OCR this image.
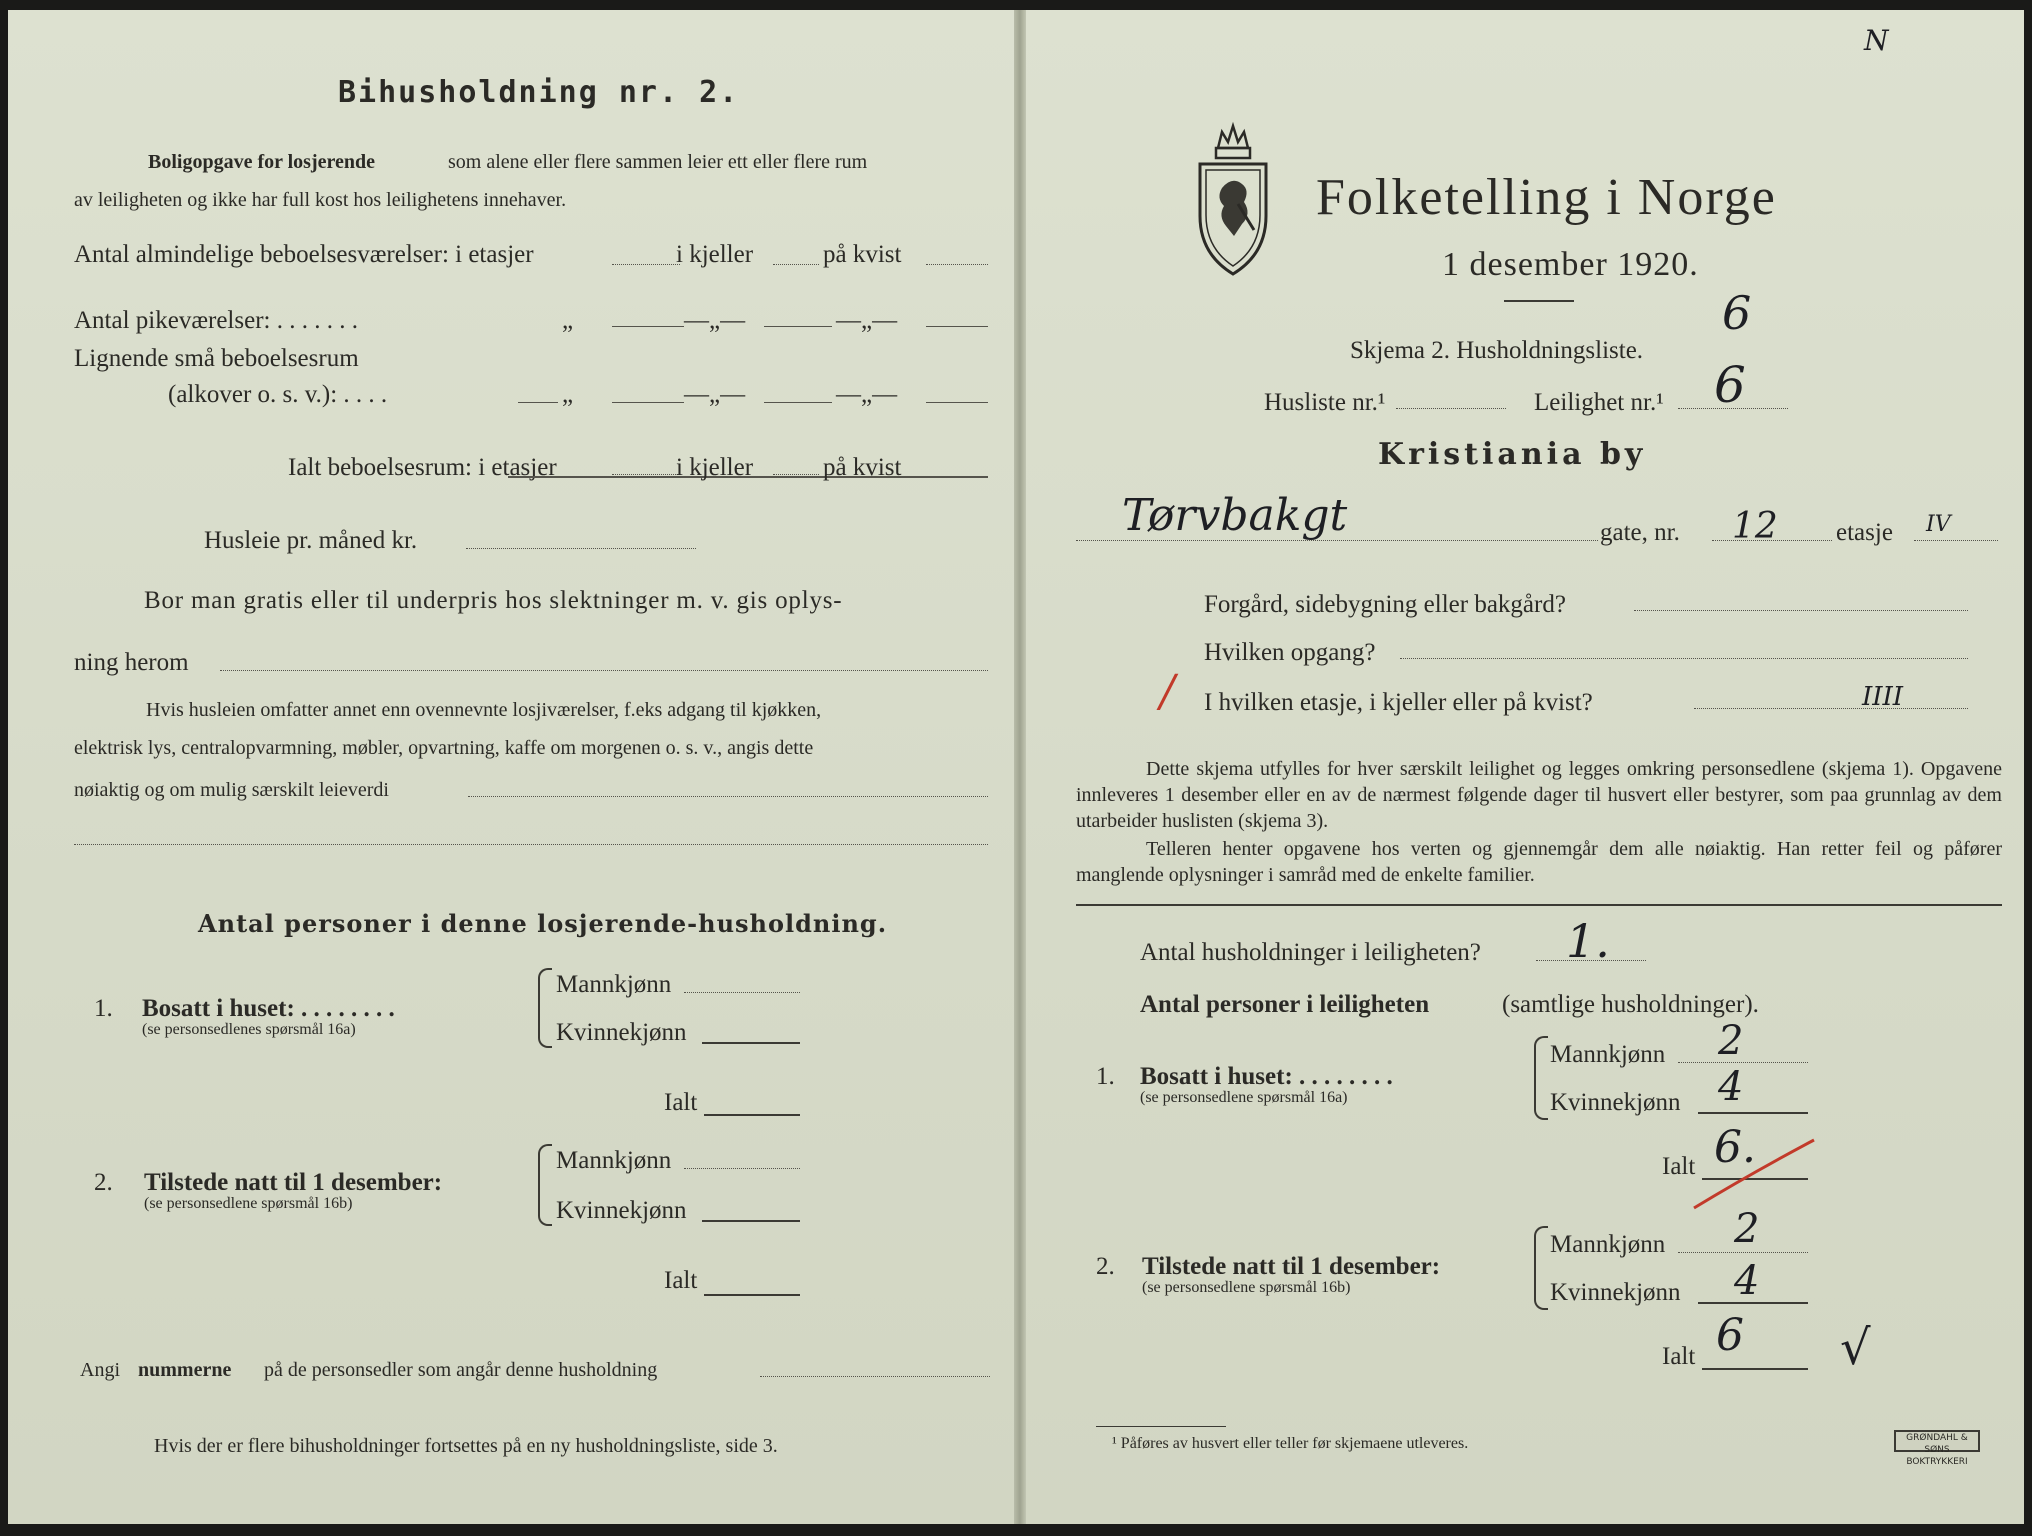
Bihusholdning nr. 2.
Boligopgave for losjerende	som alene eller flere sammen leier ett eller flere rum
av leiligheten og ikke har full kost hos leilighetens innehaver.
Antal almindelige beboelsesværelser: i etasjer	i kjeller	på kvist
Antal pikeværelser: . . . . . . .	„	—„—	—„—
Lignende små beboelsesrum
(alkover o. s. v.): . . . .	„	—„—	—„—
Ialt beboelsesrum: i etasjer	i kjeller	på kvist
Husleie pr. måned kr.
Bor man gratis eller til underpris hos slektninger m. v. gis oplys-
ning herom
Hvis husleien omfatter annet enn ovennevnte losjiværelser, f.eks adgang til kjøkken,
elektrisk lys, centralopvarmning, møbler, opvartning, kaffe om morgenen o. s. v., angis dette
nøiaktig og om mulig særskilt leieverdi
Antal personer i denne losjerende-husholdning.
1. Bosatt i huset: . . . . . . . .
(se personsedlenes spørsmål 16a)
Mannkjønn
Kvinnekjønn
Ialt
2. Tilstede natt til 1 desember:
(se personsedlene spørsmål 16b)
Mannkjønn
Kvinnekjønn
Ialt
Angi nummerne på de personsedler som angår denne husholdning
Hvis der er flere bihusholdninger fortsettes på en ny husholdningsliste, side 3.
N
Folketelling i Norge
1 desember 1920.
6
Skjema 2. Husholdningsliste.
Husliste nr.¹	Leilighet nr.¹ 6
Kristiania by
Tørvbakgt	gate, nr. 12 etasje IV
Forgård, sidebygning eller bakgård?
Hvilken opgang?
/ I hvilken etasje, i kjeller eller på kvist?	IIII
Dette skjema utfylles for hver særskilt leilighet og legges omkring personsedlene (skjema 1). Opgavene innleveres 1 desember eller en av de nærmest følgende dager til husvert eller bestyrer, som paa grunnlag av dem utarbeider huslisten (skjema 3).
Telleren henter opgavene hos verten og gjennemgår dem alle nøiaktig. Han retter feil og påfører manglende oplysninger i samråd med de enkelte familier.
Antal husholdninger i leiligheten? 1.
Antal personer i leiligheten	(samtlige husholdninger).
1. Bosatt i huset: . . . . . . . .
(se personsedlene spørsmål 16a)
Mannkjønn 2
Kvinnekjønn 4
Ialt 6.
2. Tilstede natt til 1 desember:
(se personsedlene spørsmål 16b)
Mannkjønn 2
Kvinnekjønn 4
Ialt 6 √
¹ Påføres av husvert eller teller før skjemaene utleveres.	GRØNDAHL & SØNS BOKTRYKKERI
